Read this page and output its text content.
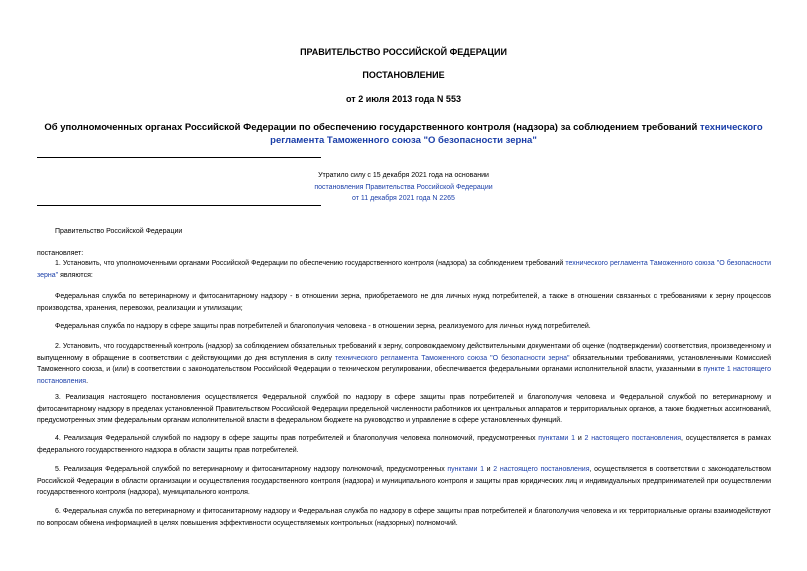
ПРАВИТЕЛЬСТВО РОССИЙСКОЙ ФЕДЕРАЦИИ
ПОСТАНОВЛЕНИЕ
от 2 июля 2013 года N 553
Об уполномоченных органах Российской Федерации по обеспечению государственного контроля (надзора) за соблюдением требований технического регламента Таможенного союза "О безопасности зерна"
Утратило силу с 15 декабря 2021 года на основании
постановления Правительства Российской Федерации
от 11 декабря 2021 года N 2265
Правительство Российской Федерации
постановляет:
1. Установить, что уполномоченными органами Российской Федерации по обеспечению государственного контроля (надзора) за соблюдением требований технического регламента Таможенного союза "О безопасности зерна" являются:
Федеральная служба по ветеринарному и фитосанитарному надзору - в отношении зерна, приобретаемого не для личных нужд потребителей, а также в отношении связанных с требованиями к зерну процессов производства, хранения, перевозки, реализации и утилизации;
Федеральная служба по надзору в сфере защиты прав потребителей и благополучия человека - в отношении зерна, реализуемого для личных нужд потребителей.
2. Установить, что государственный контроль (надзор) за соблюдением обязательных требований к зерну, сопровождаемому действительными документами об оценке (подтверждении) соответствия, произведенному и выпущенному в обращение в соответствии с действующими до дня вступления в силу технического регламента Таможенного союза "О безопасности зерна" обязательными требованиями, установленными Комиссией Таможенного союза, и (или) в соответствии с законодательством Российской Федерации о техническом регулировании, обеспечивается федеральными органами исполнительной власти, указанными в пункте 1 настоящего постановления.
3. Реализация настоящего постановления осуществляется Федеральной службой по надзору в сфере защиты прав потребителей и благополучия человека и Федеральной службой по ветеринарному и фитосанитарному надзору в пределах установленной Правительством Российской Федерации предельной численности работников их центральных аппаратов и территориальных органов, а также бюджетных ассигнований, предусмотренных этим федеральным органам исполнительной власти в федеральном бюджете на руководство и управление в сфере установленных функций.
4. Реализация Федеральной службой по надзору в сфере защиты прав потребителей и благополучия человека полномочий, предусмотренных пунктами 1 и 2 настоящего постановления, осуществляется в рамках федерального государственного надзора в области защиты прав потребителей.
5. Реализация Федеральной службой по ветеринарному и фитосанитарному надзору полномочий, предусмотренных пунктами 1 и 2 настоящего постановления, осуществляется в соответствии с законодательством Российской Федерации в области организации и осуществления государственного контроля (надзора) и муниципального контроля и защиты прав юридических лиц и индивидуальных предпринимателей при осуществлении государственного контроля (надзора), муниципального контроля.
6. Федеральная служба по ветеринарному и фитосанитарному надзору и Федеральная служба по надзору в сфере защиты прав потребителей и благополучия человека и их территориальные органы взаимодействуют по вопросам обмена информацией в целях повышения эффективности осуществляемых контрольных (надзорных) полномочий.
